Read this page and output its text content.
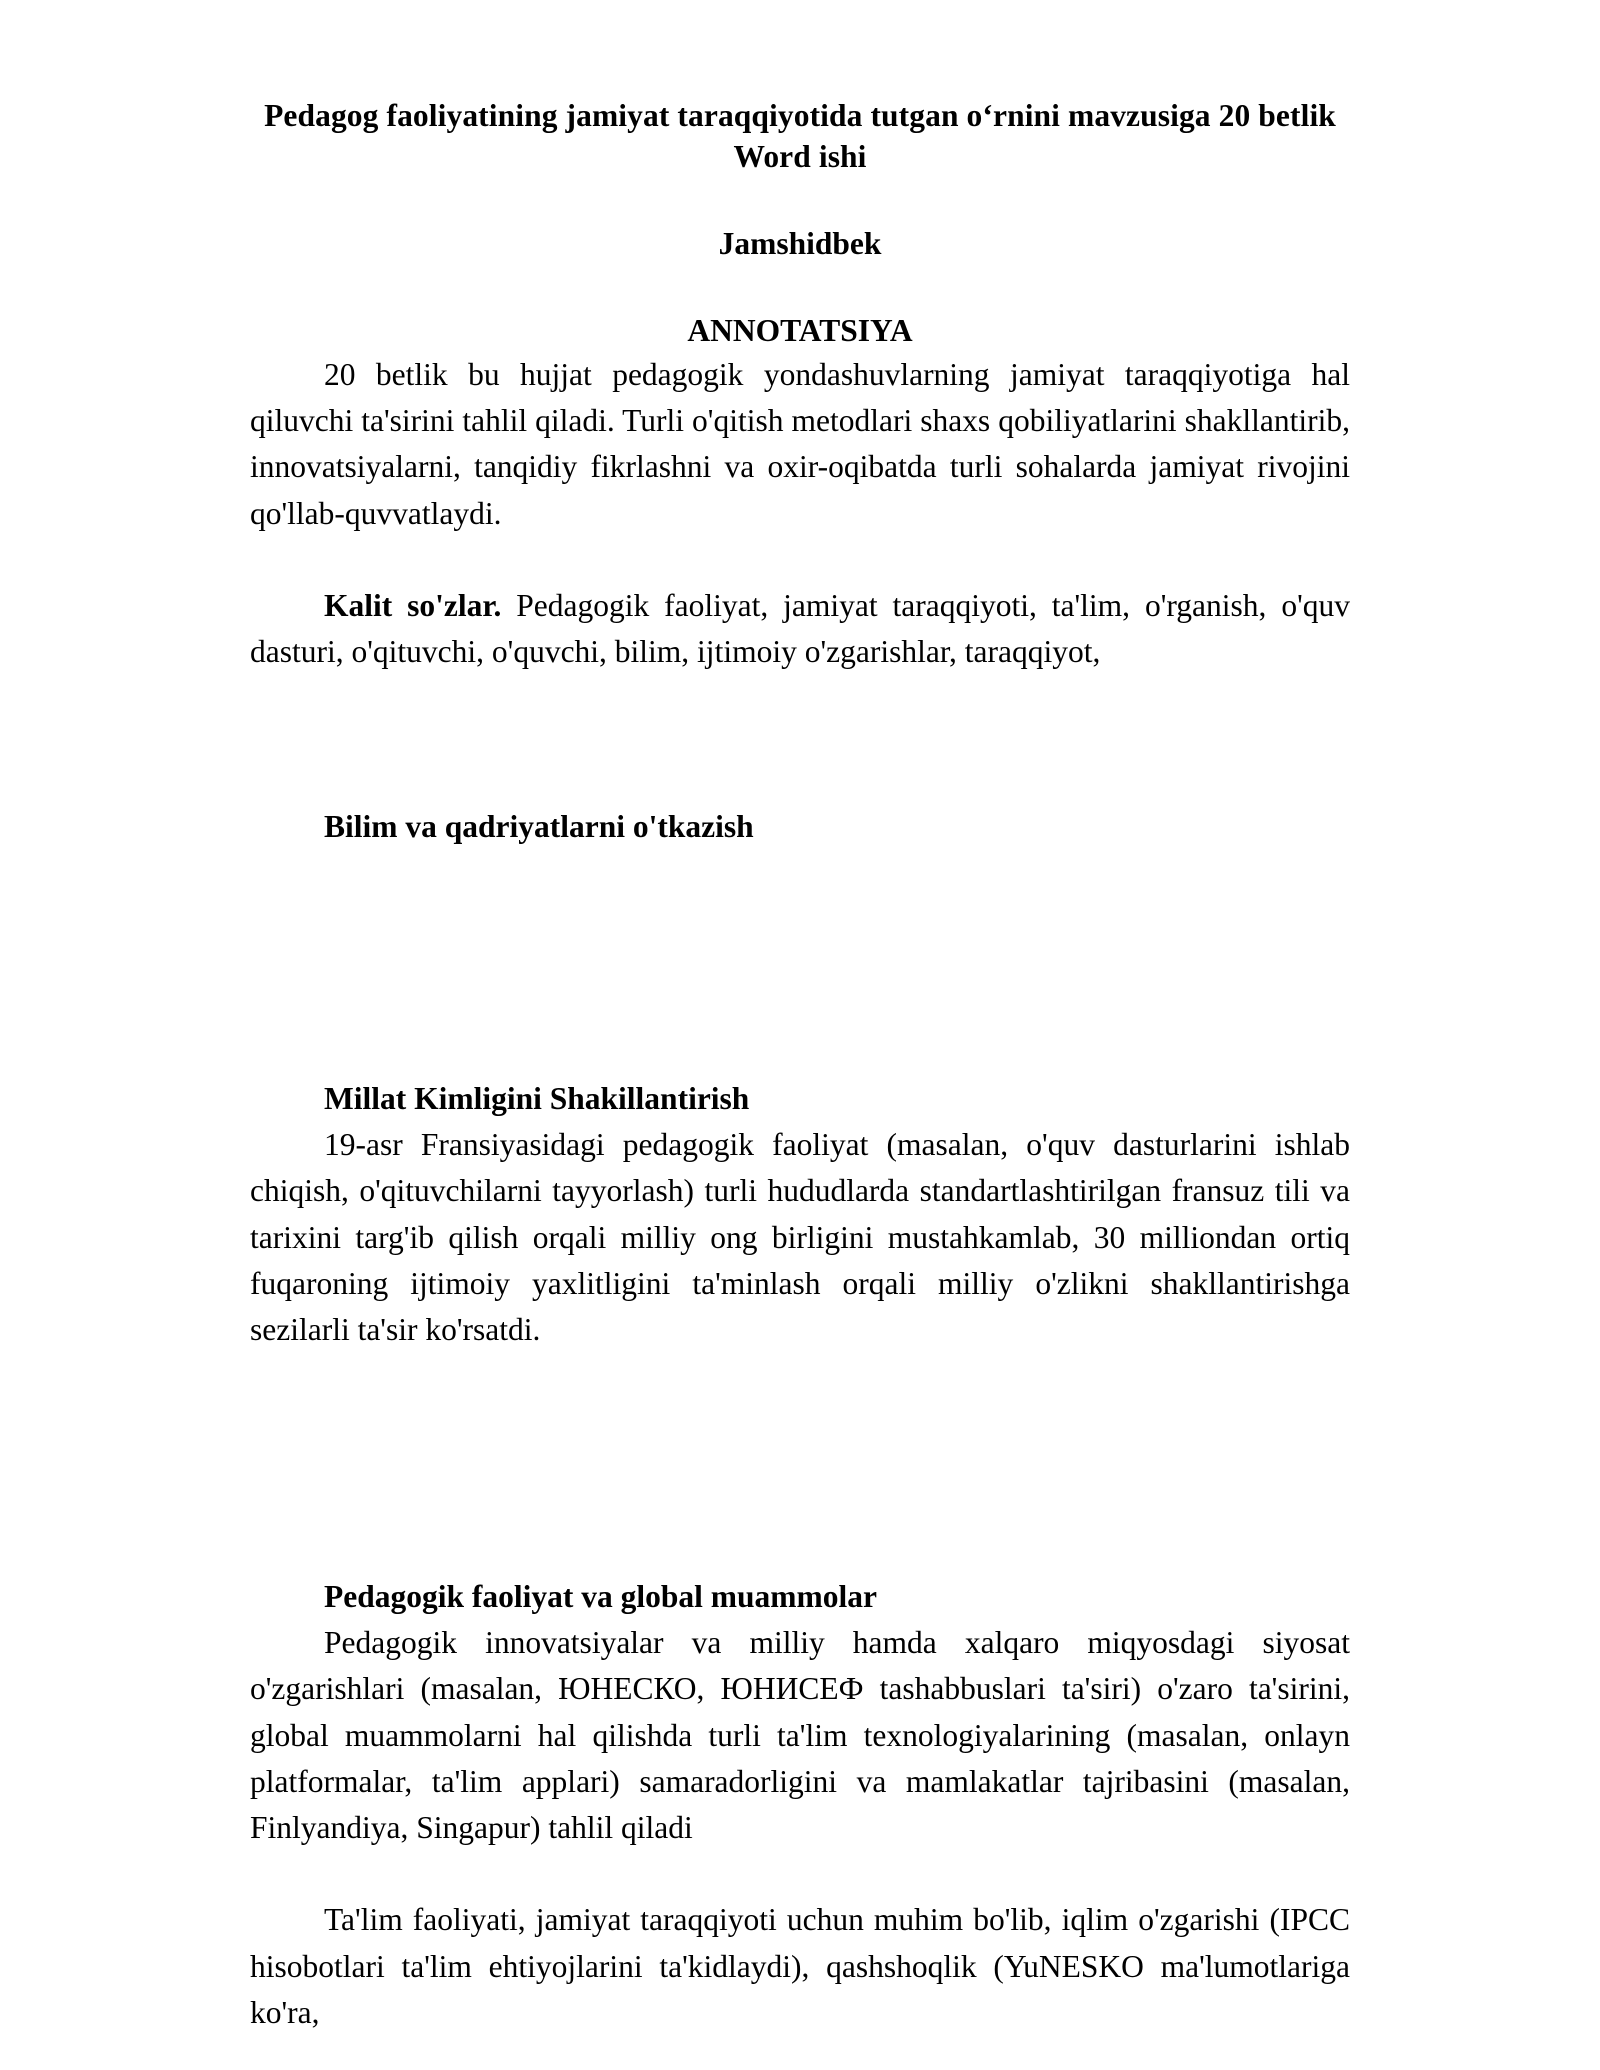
Pedagog faoliyatining jamiyat taraqqiyotida tutgan o‘rnini mavzusiga 20 betlik Word ishi
Jamshidbek
ANNOTATSIYA

20 betlik bu hujjat pedagogik yondashuvlarning jamiyat taraqqiyotiga hal qiluvchi ta'sirini tahlil qiladi. Turli o'qitish metodlari shaxs qobiliyatlarini shakllantirib, innovatsiyalarni, tanqidiy fikrlashni va oxir-oqibatda turli sohalarda jamiyat rivojini qo'llab-quvvatlaydi.

Kalit so'zlar. Pedagogik faoliyat, jamiyat taraqqiyoti, ta'lim, o'rganish, o'quv dasturi, o'qituvchi, o'quvchi, bilim, ijtimoiy o'zgarishlar, taraqqiyot,

Bilim va qadriyatlarni o'tkazish
Millat Kimligini Shakillantirish

19-asr Fransiyasidagi pedagogik faoliyat (masalan, o'quv dasturlarini ishlab chiqish, o'qituvchilarni tayyorlash) turli hududlarda standartlashtirilgan fransuz tili va tarixini targ'ib qilish orqali milliy ong birligini mustahkamlab, 30 milliondan ortiq fuqaroning ijtimoiy yaxlitligini ta'minlash orqali milliy o'zlikni shakllantirishga sezilarli ta'sir ko'rsatdi.

Pedagogik faoliyat va global muammolar

Pedagogik innovatsiyalar va milliy hamda xalqaro miqyosdagi siyosat o'zgarishlari (masalan, ЮНЕСКО, ЮНИСЕФ tashabbuslari ta'siri) o'zaro ta'sirini, global muammolarni hal qilishda turli ta'lim texnologiyalarining (masalan, onlayn platformalar, ta'lim applari) samaradorligini va mamlakatlar tajribasini (masalan, Finlyandiya, Singapur) tahlil qiladi

Ta'lim faoliyati, jamiyat taraqqiyoti uchun muhim bo'lib, iqlim o'zgarishi (IPCC hisobotlari ta'lim ehtiyojlarini ta'kidlaydi), qashshoqlik (YuNESKO ma'lumotlariga ko'ra,
